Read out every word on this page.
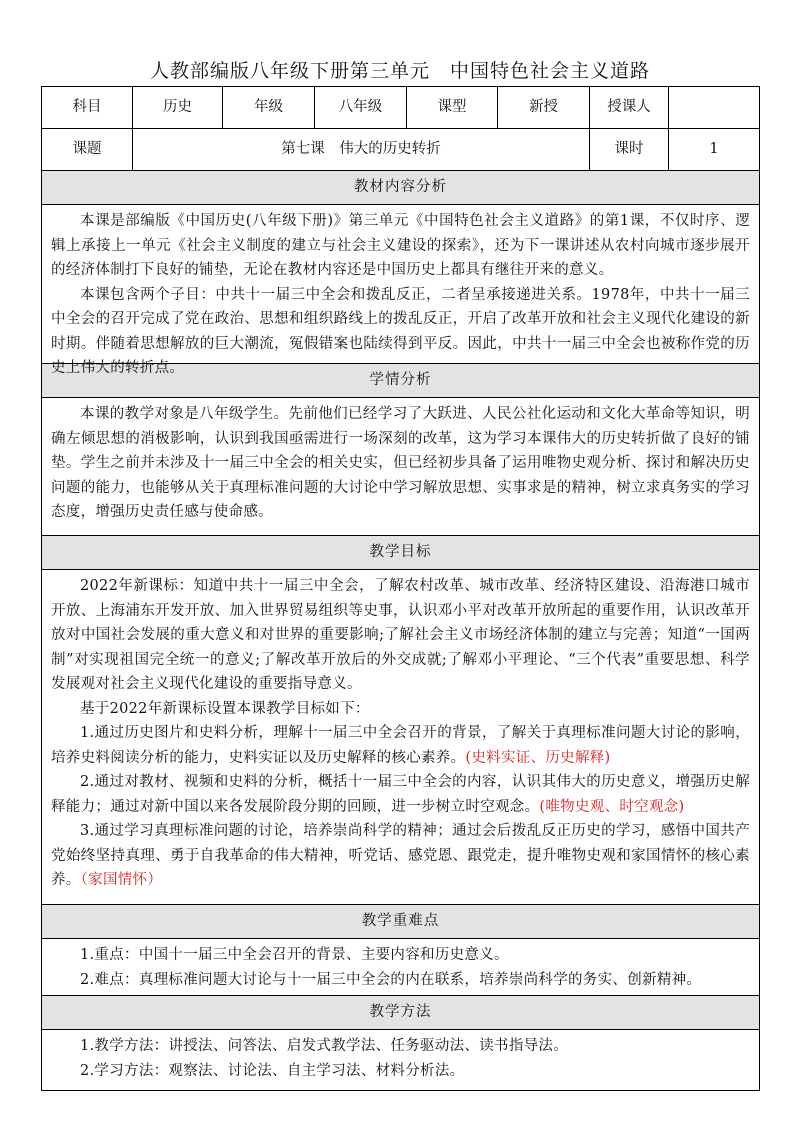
人教部编版八年级下册第三单元　中国特色社会主义道路
科目	历史	年级	八年级	课型	新授	授课人	
课题	第七课　伟大的历史转折					课时	1
教材内容分析							

本课是部编版《中国历史(八年级下册)》第三单元《中国特色社会主义道路》的第1课，不仅时序、逻辑上承接上一单元《社会主义制度的建立与社会主义建设的探索》，还为下一课讲述从农村向城市逐步展开的经济体制打下良好的铺垫，无论在教材内容还是中国历史上都具有继往开来的意义。

本课包含两个子目：中共十一届三中全会和拨乱反正，二者呈承接递进关系。1978年，中共十一届三中全会的召开完成了党在政治、思想和组织路线上的拨乱反正，开启了改革开放和社会主义现代化建设的新时期。伴随着思想解放的巨大潮流，冤假错案也陆续得到平反。因此，中共十一届三中全会也被称作党的历史上伟大的转折点。							

学情分析							

本课的教学对象是八年级学生。先前他们已经学习了大跃进、人民公社化运动和文化大革命等知识，明确左倾思想的消极影响，认识到我国亟需进行一场深刻的改革，这为学习本课伟大的历史转折做了良好的铺垫。学生之前并未涉及十一届三中全会的相关史实，但已经初步具备了运用唯物史观分析、探讨和解决历史问题的能力，也能够从关于真理标准问题的大讨论中学习解放思想、实事求是的精神，树立求真务实的学习态度，增强历史责任感与使命感。							

教学目标							

2022年新课标：知道中共十一届三中全会，了解农村改革、城市改革、经济特区建设、沿海港口城市开放、上海浦东开发开放、加入世界贸易组织等史事，认识邓小平对改革开放所起的重要作用，认识改革开放对中国社会发展的重大意义和对世界的重要影响;了解社会主义市场经济体制的建立与完善；知道“一国两制”对实现祖国完全统一的意义;了解改革开放后的外交成就;了解邓小平理论、“三个代表”重要思想、科学发展观对社会主义现代化建设的重要指导意义。

基于2022年新课标设置本课教学目标如下：

1.通过历史图片和史料分析，理解十一届三中全会召开的背景，了解关于真理标准问题大讨论的影响，培养史料阅读分析的能力，史料实证以及历史解释的核心素养。(史料实证、历史解释)

2.通过对教材、视频和史料的分析，概括十一届三中全会的内容，认识其伟大的历史意义，增强历史解释能力；通过对新中国以来各发展阶段分期的回顾，进一步树立时空观念。(唯物史观、时空观念)

3.通过学习真理标准问题的讨论，培养崇尚科学的精神；通过会后拨乱反正历史的学习，感悟中国共产党始终坚持真理、勇于自我革命的伟大精神，听党话、感党恩、跟党走，提升唯物史观和家国情怀的核心素养。（家国情怀）							

教学重难点							

1.重点：中国十一届三中全会召开的背景、主要内容和历史意义。

2.难点：真理标准问题大讨论与十一届三中全会的内在联系，培养崇尚科学的务实、创新精神。							

教学方法							

1.教学方法：讲授法、问答法、启发式教学法、任务驱动法、读书指导法。

2.学习方法：观察法、讨论法、自主学习法、材料分析法。							
